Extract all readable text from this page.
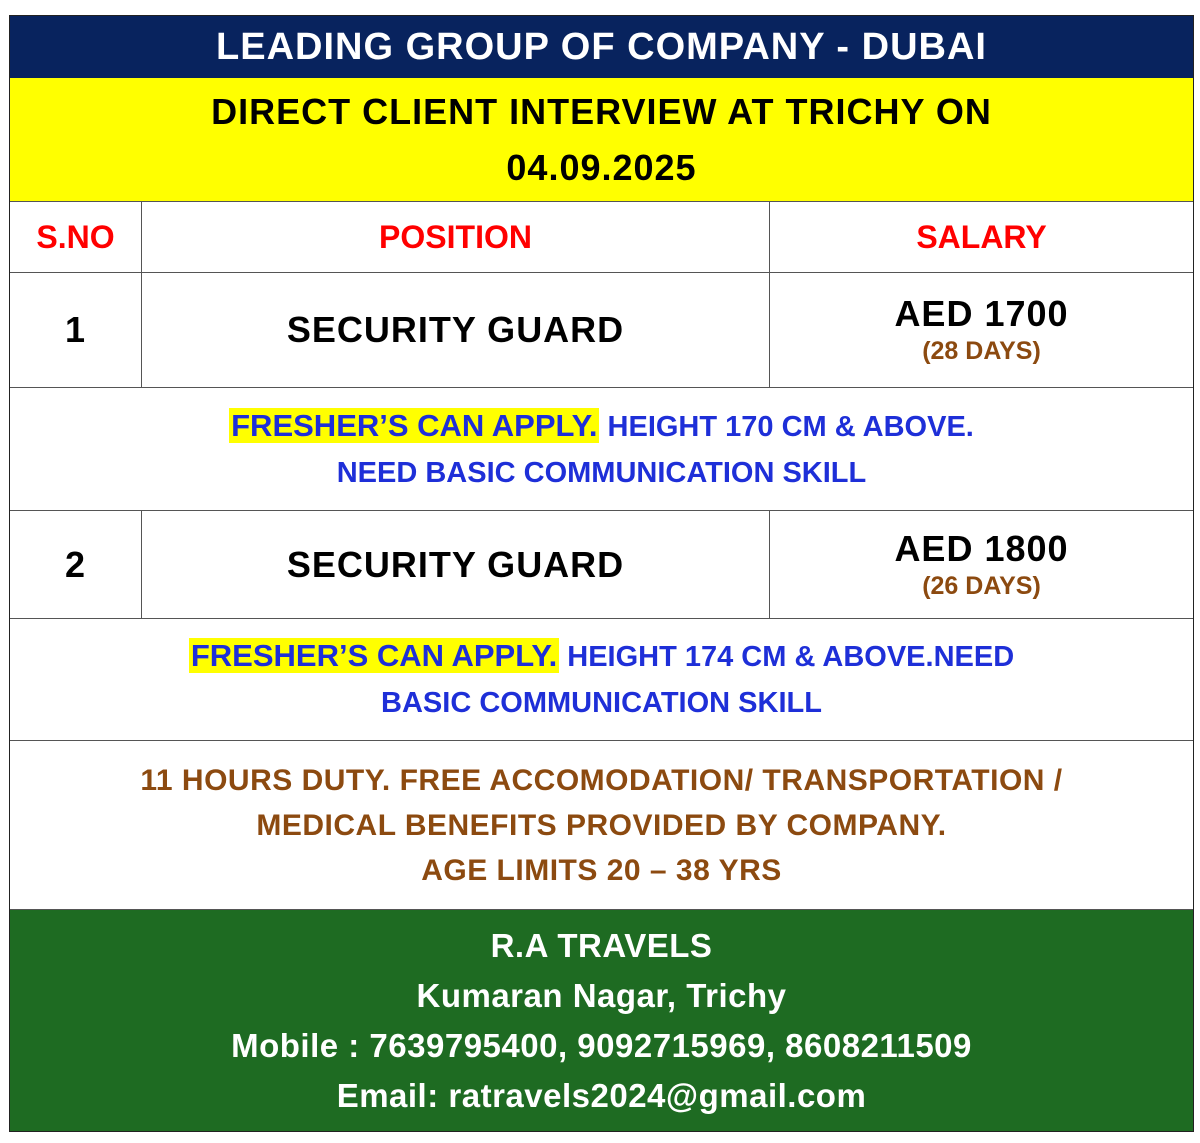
LEADING GROUP OF COMPANY - DUBAI
DIRECT CLIENT INTERVIEW AT TRICHY ON
04.09.2025
S.NO	POSITION	SALARY
1	SECURITY GUARD	AED 1700
(28 DAYS)
FRESHER’S CAN APPLY. HEIGHT 170 CM & ABOVE.
NEED BASIC COMMUNICATION SKILL
2	SECURITY GUARD	AED 1800
(26 DAYS)
FRESHER’S CAN APPLY. HEIGHT 174 CM & ABOVE.NEED
BASIC COMMUNICATION SKILL
11 HOURS DUTY. FREE ACCOMODATION/ TRANSPORTATION /
MEDICAL BENEFITS PROVIDED BY COMPANY.
AGE LIMITS 20 – 38 YRS
R.A TRAVELS
Kumaran Nagar, Trichy
Mobile : 7639795400, 9092715969, 8608211509
Email: ratravels2024@gmail.com
